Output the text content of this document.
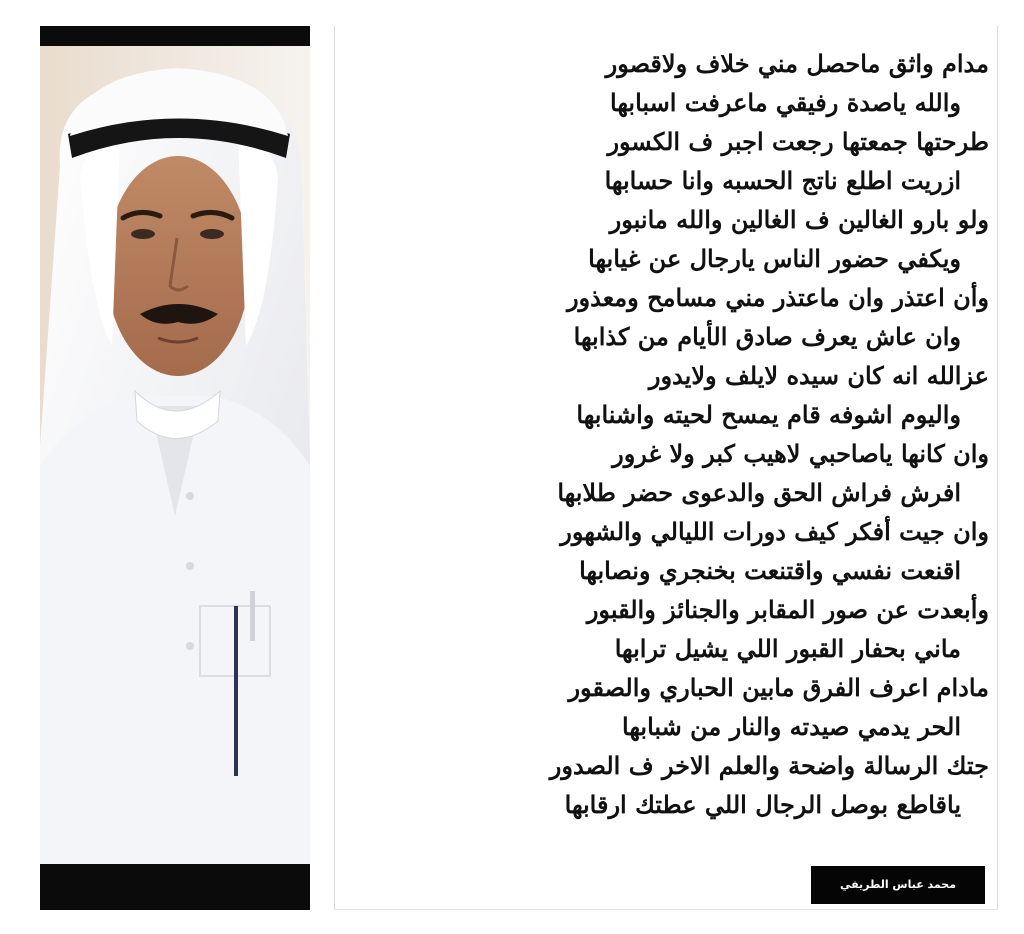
مدام واثق ماحصل مني خلاف ولاقصور
والله ياصدة رفيقي ماعرفت اسبابها
طرحتها جمعتها رجعت اجبر ف الكسور
ازريت اطلع ناتج الحسبه وانا حسابها
ولو بارو الغالين ف الغالين والله مانبور
ويكفي حضور الناس يارجال عن غيابها
وأن اعتذر وان ماعتذر مني مسامح ومعذور
وان عاش يعرف صادق الأيام من كذابها
عزالله انه كان سيده لايلف ولايدور
واليوم اشوفه قام يمسح لحيته واشنابها
وان كانها ياصاحبي لاهيب كبر ولا غرور
افرش فراش الحق والدعوى حضر طلابها
وان جيت أفكر كيف دورات الليالي والشهور
اقنعت نفسي واقتنعت بخنجري ونصابها
وأبعدت عن صور المقابر والجنائز والقبور
ماني بحفار القبور اللي يشيل ترابها
مادام اعرف الفرق مابين الحباري والصقور
الحر يدمي صيدته والنار من شبابها
جتك الرسالة واضحة والعلم الاخر ف الصدور
ياقاطع بوصل الرجال اللي عطتك ارقابها
محمد عباس الطريفي
